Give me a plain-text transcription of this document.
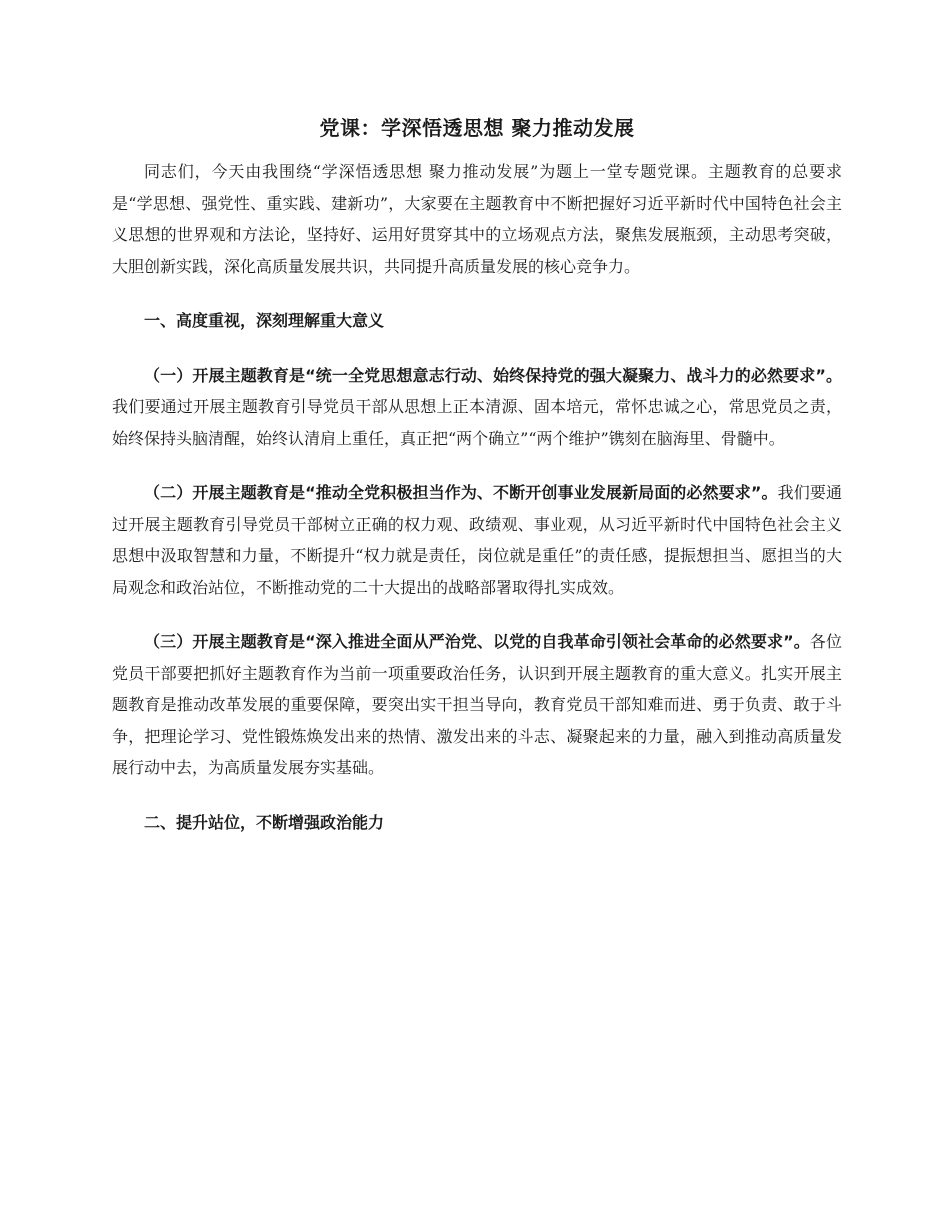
党课：学深悟透思想 聚力推动发展

同志们，今天由我围绕“学深悟透思想 聚力推动发展”为题上一堂专题党课。主题教育的总要求是“学思想、强党性、重实践、建新功”，大家要在主题教育中不断把握好习近平新时代中国特色社会主义思想的世界观和方法论，坚持好、运用好贯穿其中的立场观点方法，聚焦发展瓶颈，主动思考突破，大胆创新实践，深化高质量发展共识，共同提升高质量发展的核心竞争力。

一、高度重视，深刻理解重大意义

（一）开展主题教育是“统一全党思想意志行动、始终保持党的强大凝聚力、战斗力的必然要求”。我们要通过开展主题教育引导党员干部从思想上正本清源、固本培元，常怀忠诚之心，常思党员之责，始终保持头脑清醒，始终认清肩上重任，真正把“两个确立”“两个维护”镌刻在脑海里、骨髓中。

（二）开展主题教育是“推动全党积极担当作为、不断开创事业发展新局面的必然要求”。我们要通过开展主题教育引导党员干部树立正确的权力观、政绩观、事业观，从习近平新时代中国特色社会主义思想中汲取智慧和力量，不断提升“权力就是责任，岗位就是重任”的责任感，提振想担当、愿担当的大局观念和政治站位，不断推动党的二十大提出的战略部署取得扎实成效。

（三）开展主题教育是“深入推进全面从严治党、以党的自我革命引领社会革命的必然要求”。各位党员干部要把抓好主题教育作为当前一项重要政治任务，认识到开展主题教育的重大意义。扎实开展主题教育是推动改革发展的重要保障，要突出实干担当导向，教育党员干部知难而进、勇于负责、敢于斗争，把理论学习、党性锻炼焕发出来的热情、激发出来的斗志、凝聚起来的力量，融入到推动高质量发展行动中去，为高质量发展夯实基础。

二、提升站位，不断增强政治能力
